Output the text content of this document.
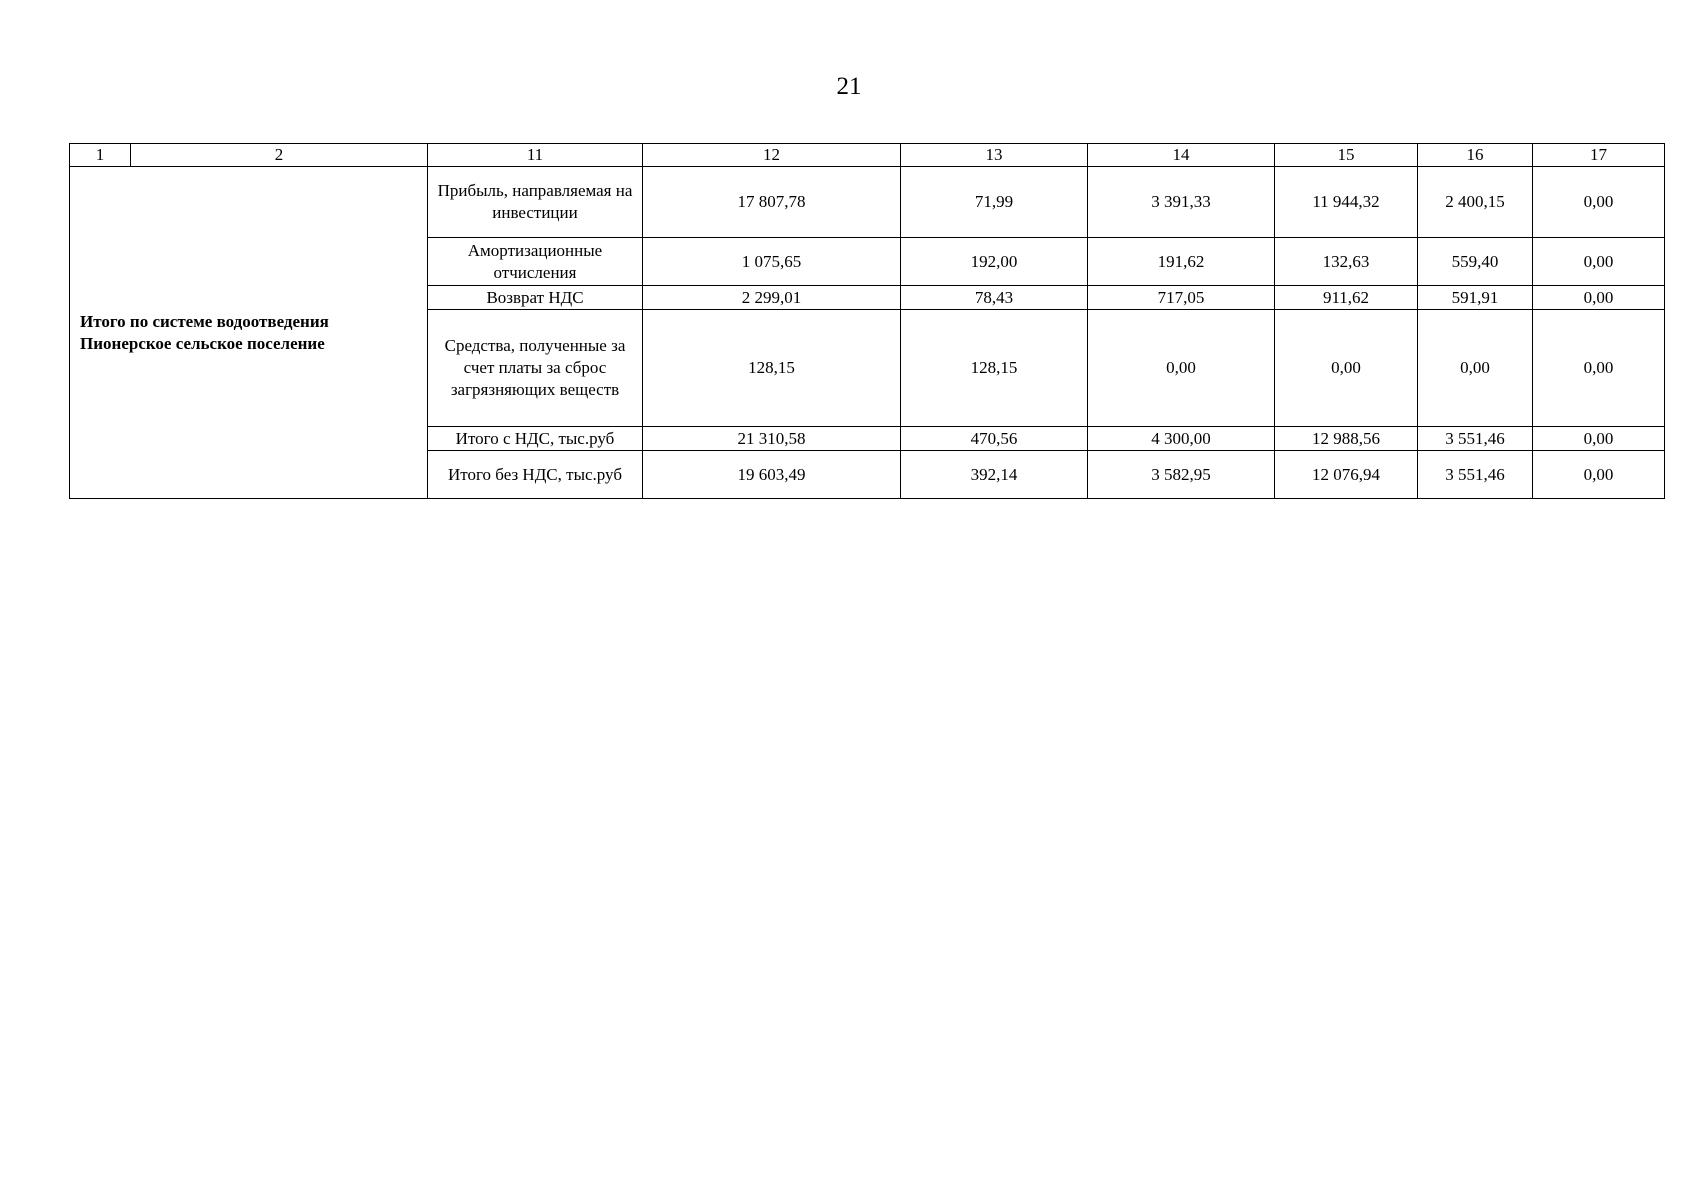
21
1	2	11	12	13	14	15	16	17
Итого по системе водоотведения Пионерское сельское поселение		Прибыль, направляемая на инвестиции	17 807,78	71,99	3 391,33	11 944,32	2 400,15	0,00
		Амортизационные отчисления	1 075,65	192,00	191,62	132,63	559,40	0,00
		Возврат НДС	2 299,01	78,43	717,05	911,62	591,91	0,00
		Средства, полученные за счет платы за сброс загрязняющих веществ	128,15	128,15	0,00	0,00	0,00	0,00
		Итого с НДС, тыс.руб	21 310,58	470,56	4 300,00	12 988,56	3 551,46	0,00
		Итого без НДС, тыс.руб	19 603,49	392,14	3 582,95	12 076,94	3 551,46	0,00
